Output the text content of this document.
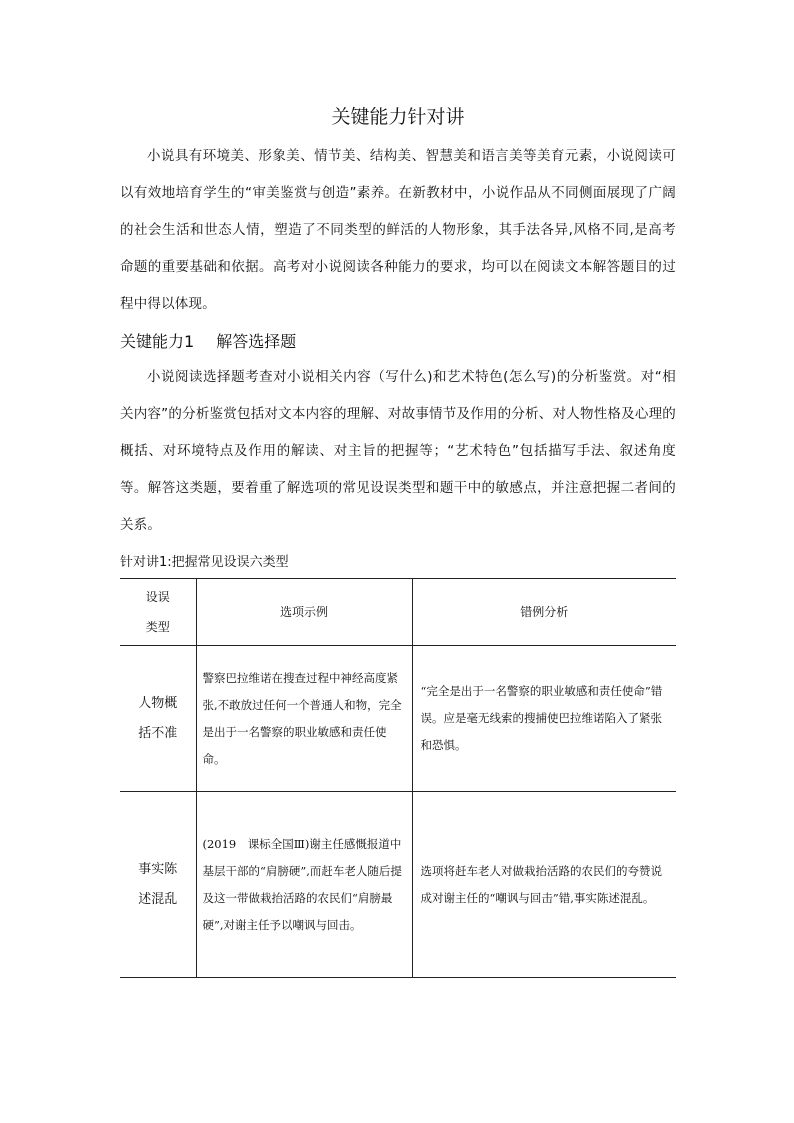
关键能力针对讲

小说具有环境美、形象美、情节美、结构美、智慧美和语言美等美育元素，小说阅读可以有效地培育学生的“审美鉴赏与创造”素养。在新教材中，小说作品从不同侧面展现了广阔的社会生活和世态人情，塑造了不同类型的鲜活的人物形象，其手法各异,风格不同,是高考命题的重要基础和依据。高考对小说阅读各种能力的要求，均可以在阅读文本解答题目的过程中得以体现。

关键能力1 解答选择题

小说阅读选择题考查对小说相关内容（写什么)和艺术特色(怎么写)的分析鉴赏。对“相关内容”的分析鉴赏包括对文本内容的理解、对故事情节及作用的分析、对人物性格及心理的概括、对环境特点及作用的解读、对主旨的把握等；“艺术特色”包括描写手法、叙述角度等。解答这类题，要着重了解选项的常见设误类型和题干中的敏感点，并注意把握二者间的关系。

针对讲1:把握常见设误六类型
设误
类型	选项示例	错例分析

人物概
括不准	警察巴拉维诺在搜查过程中神经高度紧张,不敢放过任何一个普通人和物，完全是出于一名警察的职业敏感和责任使命。	“完全是出于一名警察的职业敏感和责任使命”错误。应是毫无线索的搜捕使巴拉维诺陷入了紧张和恐惧。

事实陈
述混乱	(2019　课标全国Ⅲ)谢主任感慨报道中基层干部的“肩膀硬”,而赶车老人随后提及这一带做栽抬活路的农民们“肩膀最硬”,对谢主任予以嘲讽与回击。	选项将赶车老人对做栽抬活路的农民们的夸赞说成对谢主任的“嘲讽与回击”错,事实陈述混乱。
